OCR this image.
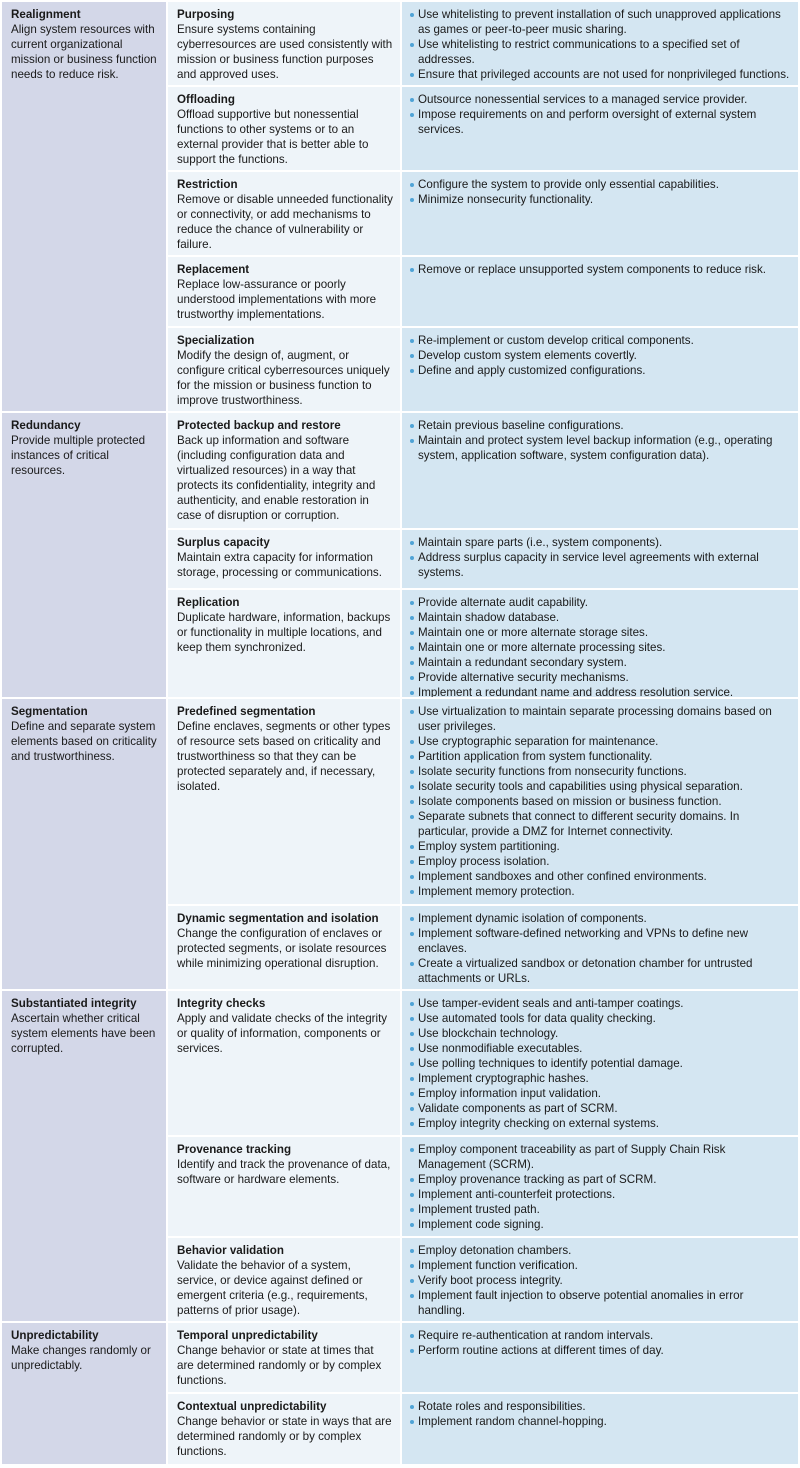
Realignment
Align system resources with current organizational mission or business function needs to reduce risk.
Purposing
Ensure systems containing cyberresources are used consistently with mission or business function purposes and approved uses.
Use whitelisting to prevent installation of such unapproved applications as games or peer-to-peer music sharing.
Use whitelisting to restrict communications to a specified set of addresses.
Ensure that privileged accounts are not used for nonprivileged functions.
Offloading
Offload supportive but nonessential functions to other systems or to an external provider that is better able to support the functions.
Outsource nonessential services to a managed service provider.
Impose requirements on and perform oversight of external system services.
Restriction
Remove or disable unneeded functionality or connectivity, or add mechanisms to reduce the chance of vulnerability or failure.
Configure the system to provide only essential capabilities.
Minimize nonsecurity functionality.
Replacement
Replace low-assurance or poorly understood implementations with more trustworthy implementations.
Remove or replace unsupported system components to reduce risk.
Specialization
Modify the design of, augment, or configure critical cyberresources uniquely for the mission or business function to improve trustworthiness.
Re-implement or custom develop critical components.
Develop custom system elements covertly.
Define and apply customized configurations.
Redundancy
Provide multiple protected instances of critical resources.
Protected backup and restore
Back up information and software (including configuration data and virtualized resources) in a way that protects its confidentiality, integrity and authenticity, and enable restoration in case of disruption or corruption.
Retain previous baseline configurations.
Maintain and protect system level backup information (e.g., operating system, application software, system configuration data).
Surplus capacity
Maintain extra capacity for information storage, processing or communications.
Maintain spare parts (i.e., system components).
Address surplus capacity in service level agreements with external systems.
Replication
Duplicate hardware, information, backups or functionality in multiple locations, and keep them synchronized.
Provide alternate audit capability.
Maintain shadow database.
Maintain one or more alternate storage sites.
Maintain one or more alternate processing sites.
Maintain a redundant secondary system.
Provide alternative security mechanisms.
Implement a redundant name and address resolution service.
Segmentation
Define and separate system elements based on criticality and trustworthiness.
Predefined segmentation
Define enclaves, segments or other types of resource sets based on criticality and trustworthiness so that they can be protected separately and, if necessary, isolated.
Use virtualization to maintain separate processing domains based on user privileges.
Use cryptographic separation for maintenance.
Partition application from system functionality.
Isolate security functions from nonsecurity functions.
Isolate security tools and capabilities using physical separation.
Isolate components based on mission or business function.
Separate subnets that connect to different security domains. In particular, provide a DMZ for Internet connectivity.
Employ system partitioning.
Employ process isolation.
Implement sandboxes and other confined environments.
Implement memory protection.
Dynamic segmentation and isolation
Change the configuration of enclaves or protected segments, or isolate resources while minimizing operational disruption.
Implement dynamic isolation of components.
Implement software-defined networking and VPNs to define new enclaves.
Create a virtualized sandbox or detonation chamber for untrusted attachments or URLs.
Substantiated integrity
Ascertain whether critical system elements have been corrupted.
Integrity checks
Apply and validate checks of the integrity or quality of information, components or services.
Use tamper-evident seals and anti-tamper coatings.
Use automated tools for data quality checking.
Use blockchain technology.
Use nonmodifiable executables.
Use polling techniques to identify potential damage.
Implement cryptographic hashes.
Employ information input validation.
Validate components as part of SCRM.
Employ integrity checking on external systems.
Provenance tracking
Identify and track the provenance of data, software or hardware elements.
Employ component traceability as part of Supply Chain Risk Management (SCRM).
Employ provenance tracking as part of SCRM.
Implement anti-counterfeit protections.
Implement trusted path.
Implement code signing.
Behavior validation
Validate the behavior of a system, service, or device against defined or emergent criteria (e.g., requirements, patterns of prior usage).
Employ detonation chambers.
Implement function verification.
Verify boot process integrity.
Implement fault injection to observe potential anomalies in error handling.
Unpredictability
Make changes randomly or unpredictably.
Temporal unpredictability
Change behavior or state at times that are determined randomly or by complex functions.
Require re-authentication at random intervals.
Perform routine actions at different times of day.
Contextual unpredictability
Change behavior or state in ways that are determined randomly or by complex functions.
Rotate roles and responsibilities.
Implement random channel-hopping.
